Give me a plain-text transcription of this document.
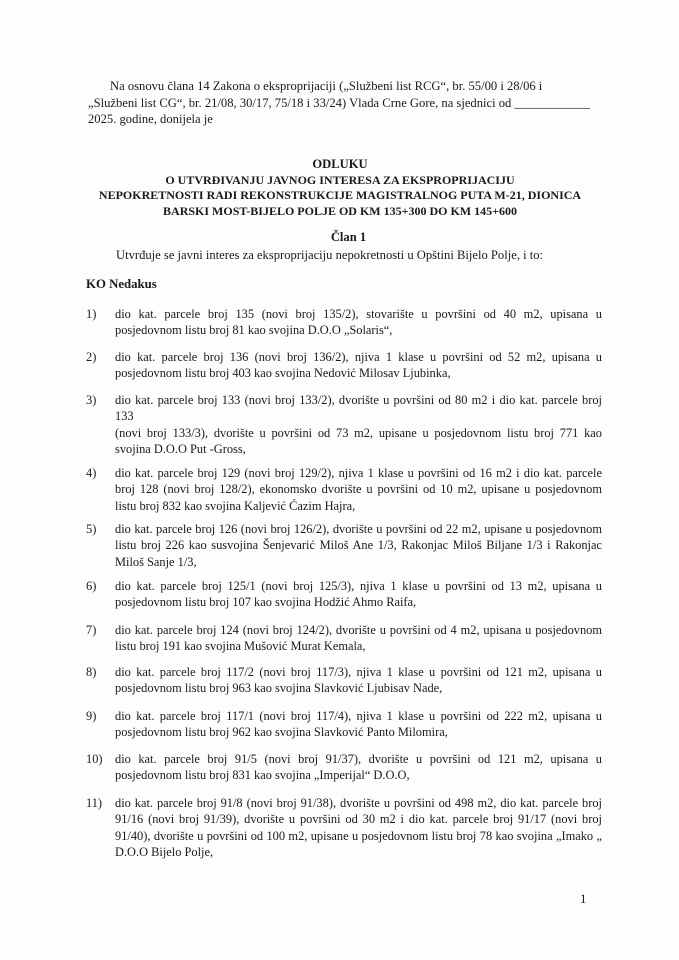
Na osnovu člana 14 Zakona o eksproprijaciji („Službeni list RCG“, br. 55/00 i 28/06 i
„Službeni list CG“, br. 21/08, 30/17, 75/18 i 33/24) Vlada Crne Gore, na sjednici od ____________
2025. godine, donijela je
ODLUKU
O UTVRĐIVANJU JAVNOG INTERESA ZA EKSPROPRIJACIJU
NEPOKRETNOSTI RADI REKONSTRUKCIJE MAGISTRALNOG PUTA M-21, DIONICA
BARSKI MOST-BIJELO POLJE OD KM 135+300 DO KM 145+600
Član 1
Utvrđuje se javni interes za eksproprijaciju nepokretnosti u Opštini Bijelo Polje, i to:
KO Nedakus
1)	dio kat. parcele broj 135 (novi broj 135/2), stovarište u površini od 40 m2, upisana u
posjedovnom listu broj 81 kao svojina D.O.O „Solaris“,
2)	dio kat. parcele broj 136 (novi broj 136/2), njiva 1 klase u površini od 52 m2, upisana u
posjedovnom listu broj 403 kao svojina Nedović Milosav Ljubinka,
3)	dio kat. parcele broj 133 (novi broj 133/2), dvorište u površini od 80 m2 i dio kat. parcele broj 133
(novi broj 133/3), dvorište u površini od 73 m2, upisane u posjedovnom listu broj 771 kao
svojina D.O.O Put -Gross,
4)	dio kat. parcele broj 129 (novi broj 129/2), njiva 1 klase u površini od 16 m2 i dio kat. parcele
broj 128 (novi broj 128/2), ekonomsko dvorište u površini od 10 m2, upisane u posjedovnom
listu broj 832 kao svojina Kaljević Ćazim Hajra,
5)	dio kat. parcele broj 126 (novi broj 126/2), dvorište u površini od 22 m2, upisane u posjedovnom
listu broj 226 kao susvojina Šenjevarić Miloš Ane 1/3, Rakonjac Miloš Biljane 1/3 i Rakonjac
Miloš Sanje 1/3,
6)	dio kat. parcele broj 125/1 (novi broj 125/3), njiva 1 klase u površini od 13 m2, upisana u
posjedovnom listu broj 107 kao svojina Hodžić Ahmo Raifa,
7)	dio kat. parcele broj 124 (novi broj 124/2), dvorište u površini od 4 m2, upisana u posjedovnom
listu broj 191 kao svojina Mušović Murat Kemala,
8)	dio kat. parcele broj 117/2 (novi broj 117/3), njiva 1 klase u površini od 121 m2, upisana u
posjedovnom listu broj 963 kao svojina Slavković Ljubisav Nade,
9)	dio kat. parcele broj 117/1 (novi broj 117/4), njiva 1 klase u površini od 222 m2, upisana u
posjedovnom listu broj 962 kao svojina Slavković Panto Milomira,
10)	dio kat. parcele broj 91/5 (novi broj 91/37), dvorište u površini od 121 m2, upisana u
posjedovnom listu broj 831 kao svojina „Imperijal“ D.O.O,
11)	dio kat. parcele broj 91/8 (novi broj 91/38), dvorište u površini od 498 m2, dio kat. parcele broj
91/16 (novi broj 91/39), dvorište u površini od 30 m2 i dio kat. parcele broj 91/17 (novi broj
91/40), dvorište u površini od 100 m2, upisane u posjedovnom listu broj 78 kao svojina „Imako „
D.O.O Bijelo Polje,
1
